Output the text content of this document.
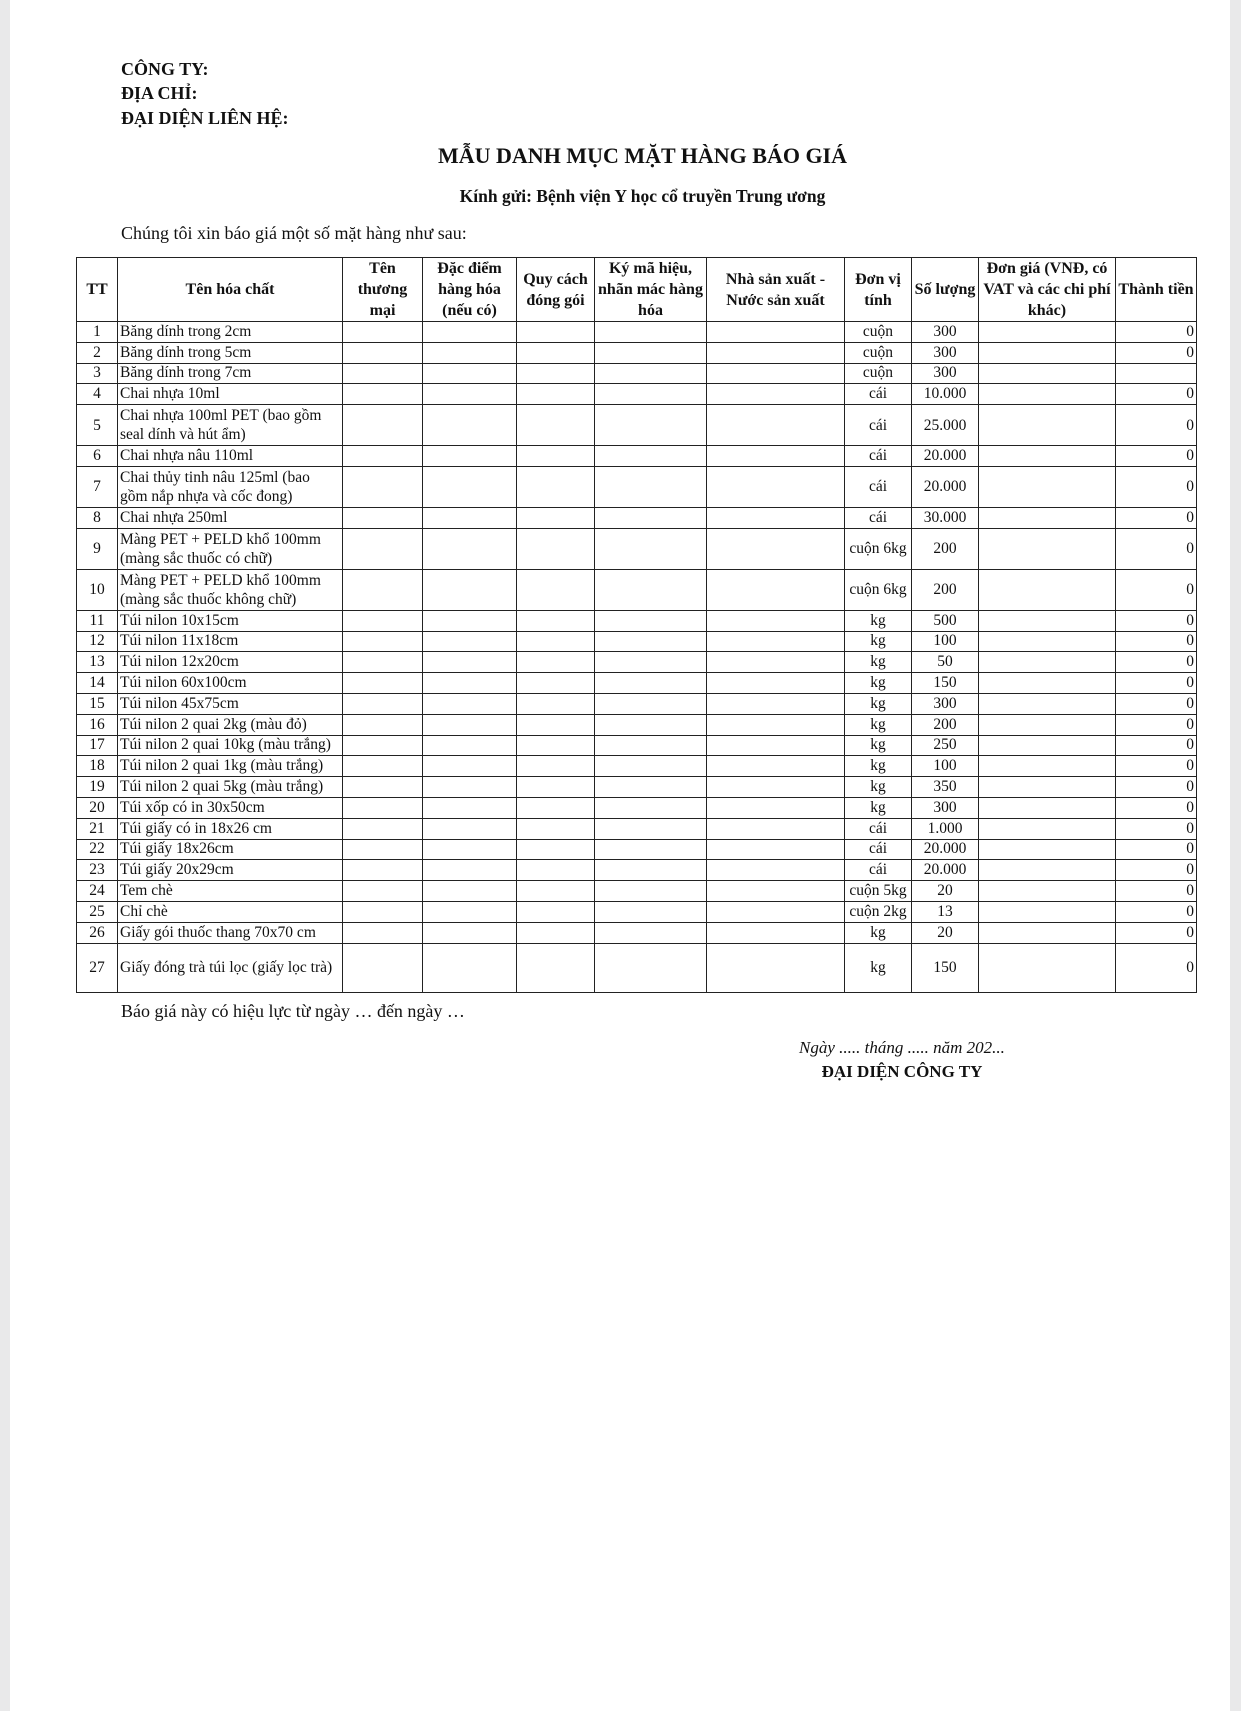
CÔNG TY:
ĐỊA CHỈ:
ĐẠI DIỆN LIÊN HỆ:
MẪU DANH MỤC MẶT HÀNG BÁO GIÁ
Kính gửi: Bệnh viện Y học cổ truyền Trung ương
Chúng tôi xin báo giá một số mặt hàng như sau:
TT	Tên hóa chất	Tên thương mại	Đặc điểm hàng hóa (nếu có)	Quy cách đóng gói	Ký mã hiệu, nhãn mác hàng hóa	Nhà sản xuất - Nước sản xuất	Đơn vị tính	Số lượng	Đơn giá (VNĐ, có VAT và các chi phí khác)	Thành tiền
1	Băng dính trong 2cm						cuộn	300		0
2	Băng dính trong 5cm						cuộn	300		0
3	Băng dính trong 7cm						cuộn	300		
4	Chai nhựa 10ml						cái	10.000		0
5	Chai nhựa 100ml PET (bao gồm seal dính và hút ẩm)						cái	25.000		0
6	Chai nhựa nâu 110ml						cái	20.000		0
7	Chai thủy tinh nâu 125ml (bao gồm nắp nhựa và cốc đong)						cái	20.000		0
8	Chai nhựa 250ml						cái	30.000		0
9	Màng PET + PELD khổ 100mm (màng sắc thuốc có chữ)						cuộn 6kg	200		0
10	Màng PET + PELD khổ 100mm (màng sắc thuốc không chữ)						cuộn 6kg	200		0
11	Túi nilon 10x15cm						kg	500		0
12	Túi nilon 11x18cm						kg	100		0
13	Túi nilon 12x20cm						kg	50		0
14	Túi nilon 60x100cm						kg	150		0
15	Túi nilon 45x75cm						kg	300		0
16	Túi nilon 2 quai 2kg (màu đỏ)						kg	200		0
17	Túi nilon 2 quai 10kg (màu trắng)						kg	250		0
18	Túi nilon 2 quai 1kg (màu trắng)						kg	100		0
19	Túi nilon 2 quai 5kg (màu trắng)						kg	350		0
20	Túi xốp có in 30x50cm						kg	300		0
21	Túi giấy có in 18x26 cm						cái	1.000		0
22	Túi giấy 18x26cm						cái	20.000		0
23	Túi giấy 20x29cm						cái	20.000		0
24	Tem chè						cuộn 5kg	20		0
25	Chỉ chè						cuộn 2kg	13		0
26	Giấy gói thuốc thang 70x70 cm						kg	20		0
27	Giấy đóng trà túi lọc (giấy lọc trà)						kg	150		0
Báo giá này có hiệu lực từ ngày … đến ngày …
Ngày ..... tháng ..... năm 202...
ĐẠI DIỆN CÔNG TY
